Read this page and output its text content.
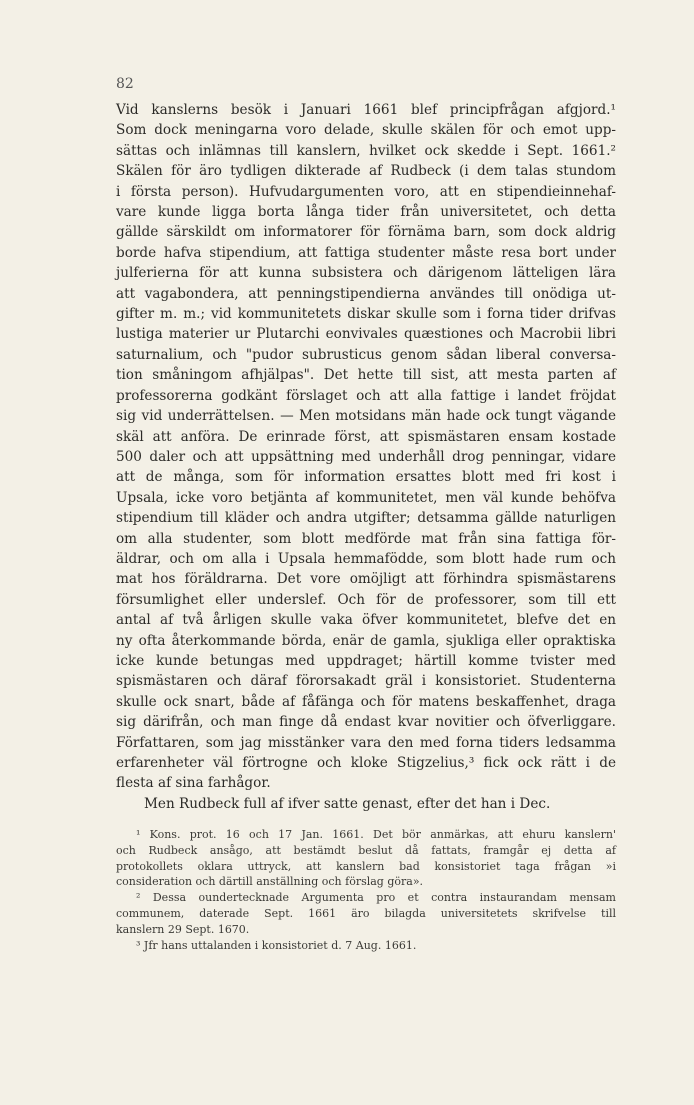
82
Vid kanslerns besök i Januari 1661 blef principfrågan afgjord.¹
Som dock meningarna voro delade, skulle skälen för och emot upp-
sättas och inlämnas till kanslern, hvilket ock skedde i Sept. 1661.²
Skälen för äro tydligen dikterade af Rudbeck (i dem talas stundom
i första person). Hufvudargumenten voro, att en stipendieinnehaf-
vare kunde ligga borta långa tider från universitetet, och detta
gällde särskildt om informatorer för förnäma barn, som dock aldrig
borde hafva stipendium, att fattiga studenter måste resa bort under
julferierna för att kunna subsistera och därigenom lätteligen lära
att vagabondera, att penningstipendierna användes till onödiga ut-
gifter m. m.; vid kommunitetets diskar skulle som i forna tider drifvas
lustiga materier ur Plutarchi eonvivales quæstiones och Macrobii libri
saturnalium, och "pudor subrusticus genom sådan liberal conversa-
tion småningom afhjälpas". Det hette till sist, att mesta parten af
professorerna godkänt förslaget och att alla fattige i landet fröjdat
sig vid underrättelsen. — Men motsidans män hade ock tungt vägande
skäl att anföra. De erinrade först, att spismästaren ensam kostade
500 daler och att uppsättning med underhåll drog penningar, vidare
att de många, som för information ersattes blott med fri kost i
Upsala, icke voro betjänta af kommunitetet, men väl kunde behöfva
stipendium till kläder och andra utgifter; detsamma gällde naturligen
om alla studenter, som blott medförde mat från sina fattiga för-
äldrar, och om alla i Upsala hemmafödde, som blott hade rum och
mat hos föräldrarna. Det vore omöjligt att förhindra spismästarens
försumlighet eller underslef. Och för de professorer, som till ett
antal af två årligen skulle vaka öfver kommunitetet, blefve det en
ny ofta återkommande börda, enär de gamla, sjukliga eller opraktiska
icke kunde betungas med uppdraget; härtill komme tvister med
spismästaren och däraf förorsakadt gräl i konsistoriet. Studenterna
skulle ock snart, både af fåfänga och för matens beskaffenhet, draga
sig därifrån, och man finge då endast kvar novitier och öfverliggare.
Författaren, som jag misstänker vara den med forna tiders ledsamma
erfarenheter väl förtrogne och kloke Stigzelius,³ fick ock rätt i de
flesta af sina farhågor.
Men Rudbeck full af ifver satte genast, efter det han i Dec.
¹ Kons. prot. 16 och 17 Jan. 1661. Det bör anmärkas, att ehuru kanslern'
och Rudbeck ansågo, att bestämdt beslut då fattats, framgår ej detta af
protokollets oklara uttryck, att kanslern bad konsistoriet taga frågan »i
consideration och därtill anställning och förslag göra».
² Dessa oundertecknade Argumenta pro et contra instaurandam mensam
communem, daterade Sept. 1661 äro bilagda universitetets skrifvelse till
kanslern 29 Sept. 1670.
³ Jfr hans uttalanden i konsistoriet d. 7 Aug. 1661.
